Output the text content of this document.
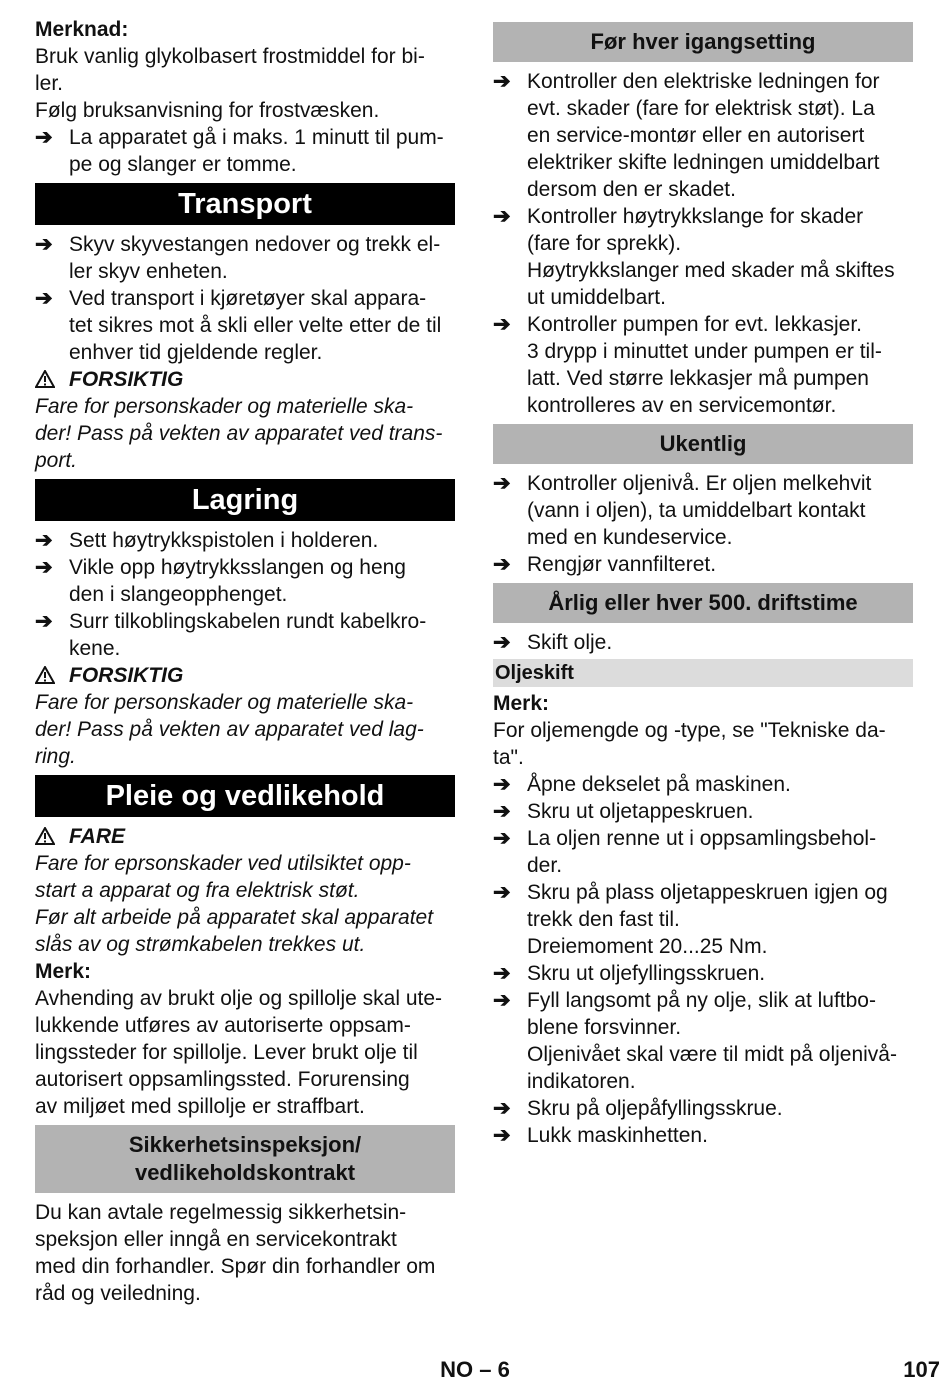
Merknad:

Bruk vanlig glykolbasert frostmiddel for bi-

ler.

Følg bruksanvisning for frostvæsken.

➔ La apparatet gå i maks. 1 minutt til pum-

pe og slanger er tomme.

Transport
➔ Skyv skyvestangen nedover og trekk el-

ler skyv enheten.

➔ Ved transport i kjøretøyer skal appara-

tet sikres mot å skli eller velte etter de til

enhver tid gjeldende regler.

FORSIKTIG

Fare for personskader og materielle ska-

der! Pass på vekten av apparatet ved trans-

port.

Lagring
➔ Sett høytrykkspistolen i holderen.

➔ Vikle opp høytrykksslangen og heng

den i slangeopphenget.

➔ Surr tilkoblingskabelen rundt kabelkro-

kene.

FORSIKTIG

Fare for personskader og materielle ska-

der! Pass på vekten av apparatet ved lag-

ring.

Pleie og vedlikehold
FARE

Fare for eprsonskader ved utilsiktet opp-

start a apparat og fra elektrisk støt.

Før alt arbeide på apparatet skal apparatet

slås av og strømkabelen trekkes ut.

Merk:

Avhending av brukt olje og spillolje skal ute-

lukkende utføres av autoriserte oppsam-

lingssteder for spillolje. Lever brukt olje til

autorisert oppsamlingssted. Forurensing

av miljøet med spillolje er straffbart.

Sikkerhetsinspeksjon/

vedlikeholdskontrakt

Du kan avtale regelmessig sikkerhetsin-

speksjon eller inngå en servicekontrakt

med din forhandler. Spør din forhandler om

råd og veiledning.

Før hver igangsetting
➔ Kontroller den elektriske ledningen for

evt. skader (fare for elektrisk støt). La

en service-montør eller en autorisert

elektriker skifte ledningen umiddelbart

dersom den er skadet.

➔ Kontroller høytrykkslange for skader

(fare for sprekk).

Høytrykkslanger med skader må skiftes

ut umiddelbart.

➔ Kontroller pumpen for evt. lekkasjer.

3 drypp i minuttet under pumpen er til-

latt. Ved større lekkasjer må pumpen

kontrolleres av en servicemontør.

Ukentlig
➔ Kontroller oljenivå. Er oljen melkehvit

(vann i oljen), ta umiddelbart kontakt

med en kundeservice.

➔ Rengjør vannfilteret.

Årlig eller hver 500. driftstime
➔ Skift olje.

Oljeskift

Merk:

For oljemengde og -type, se "Tekniske da-

ta".

➔ Åpne dekselet på maskinen.

➔ Skru ut oljetappeskruen.

➔ La oljen renne ut i oppsamlingsbehol-

der.

➔ Skru på plass oljetappeskruen igjen og

trekk den fast til.

Dreiemoment 20...25 Nm.

➔ Skru ut oljefyllingsskruen.

➔ Fyll langsomt på ny olje, slik at luftbo-

blene forsvinner.

Oljenivået skal være til midt på oljenivå-

indikatoren.

➔ Skru på oljepåfyllingsskrue.

➔ Lukk maskinhetten.

NO – 6	107
